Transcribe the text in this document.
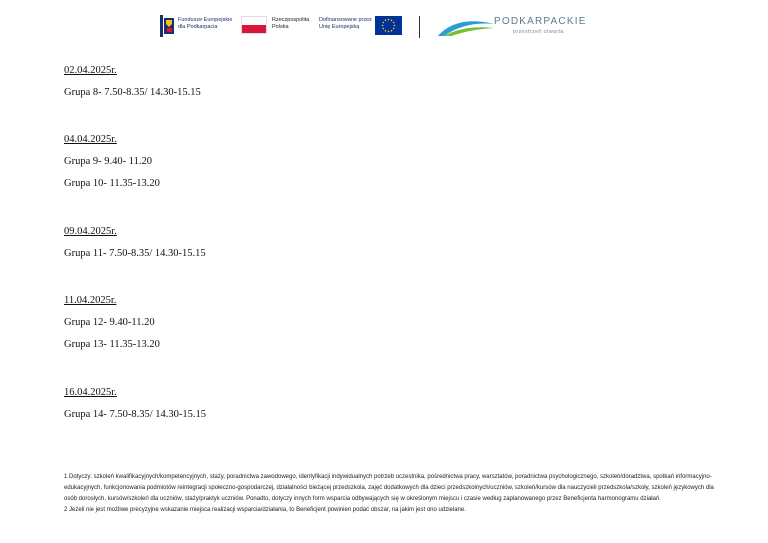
Fundusze Europejskie
dla Podkarpacia
Rzeczpospolita
Polska
Dofinansowane przez
Unię Europejską	PODKARPACKIE
przestrzeń otwarta
02.04.2025r.
Grupa 8- 7.50-8.35/ 14.30-15.15
04.04.2025r.
Grupa 9- 9.40- 11.20
Grupa 10- 11.35-13.20
09.04.2025r.
Grupa 11- 7.50-8.35/ 14.30-15.15
11.04.2025r.
Grupa 12- 9.40-11.20
Grupa 13- 11.35-13.20
16.04.2025r.
Grupa 14- 7.50-8.35/ 14.30-15.15

1 Dotyczy: szkoleń kwalifikacyjnych/kompetencyjnych, staży, poradnictwa zawodowego, identyfikacji indywidualnych potrzeb uczestnika, pośrednictwa pracy, warsztatów, poradnictwa psychologicznego, szkoleń/doradztwa, spotkań informacyjno-edukacyjnych, funkcjonowania podmiotów reintegracji społeczno-gospodarczej, działalności bieżącej przedszkola, zajęć dodatkowych dla dzieci przedszkolnych/uczniów, szkoleń/kursów dla nauczycieli przedszkola/szkoły, szkoleń językowych dla osób dorosłych, kursów/szkoleń dla uczniów, staży/praktyk uczniów. Ponadto, dotyczy innych form wsparcia odbywających się w określonym miejscu i czasie według zaplanowanego przez Beneficjenta harmonogramu działań.

2 Jeżeli nie jest możliwe precyzyjne wskazanie miejsca realizacji wsparcia/działania, to Beneficjent powinien podać obszar, na jakim jest ono udzielane.
